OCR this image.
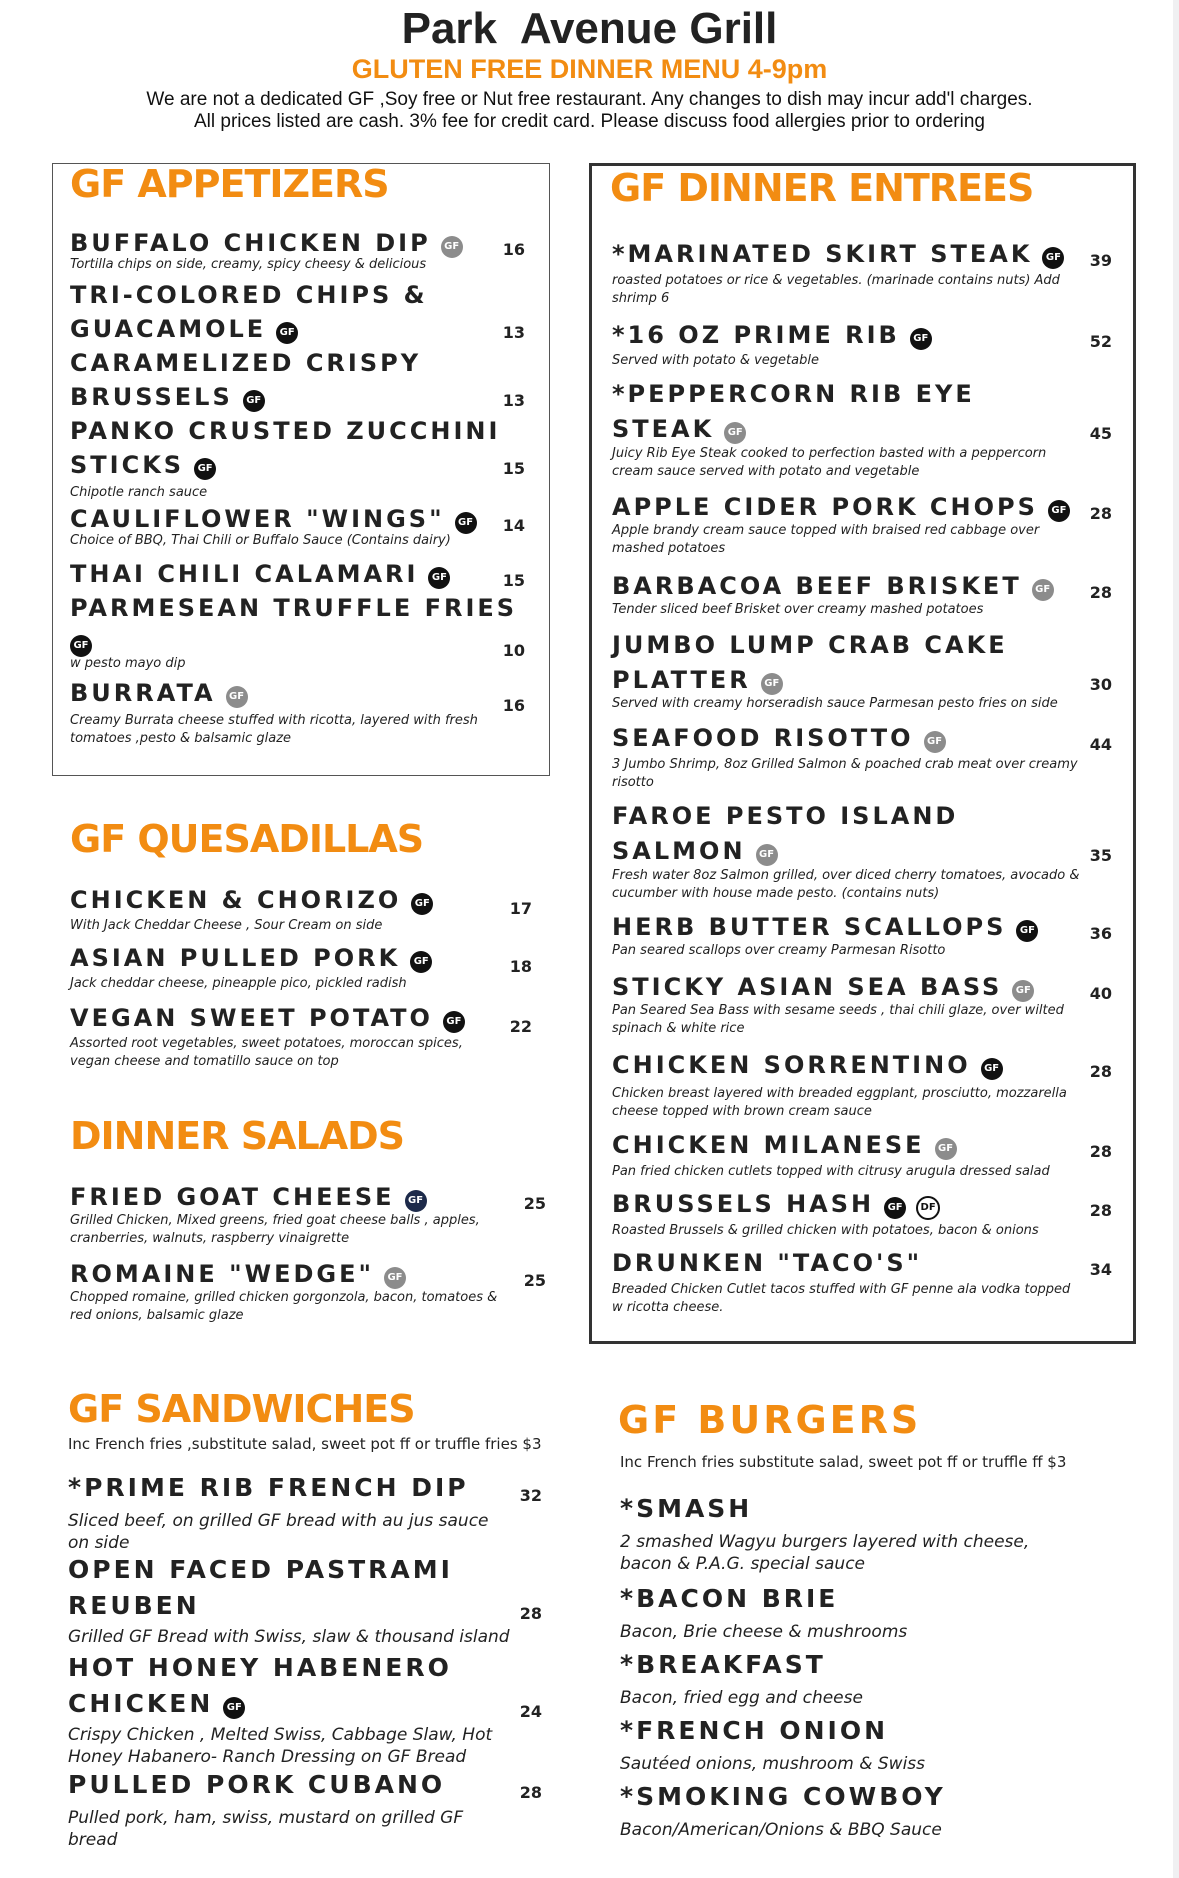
Park  Avenue Grill
GLUTEN FREE DINNER MENU 4-9pm
We are not a dedicated GF ,Soy free or Nut free restaurant. Any changes to dish may incur add'l charges.
All prices listed are cash. 3% fee for credit card. Please discuss food allergies prior to ordering
GF APPETIZERS	GF DINNER ENTREES
GF QUESADILLAS
DINNER SALADS
GF SANDWICHES	GF BURGERS
Inc French fries ,substitute salad, sweet pot ff or truffle fries $3
Inc French fries substitute salad, sweet pot ff or truffle ff $3
BUFFALO CHICKEN DIP GF	16
Tortilla chips on side, creamy, spicy cheesy & delicious
TRI-COLORED CHIPS &
GUACAMOLE GF	13
CARAMELIZED CRISPY
BRUSSELS GF	13
PANKO CRUSTED ZUCCHINI
STICKS GF	15
Chipotle ranch sauce
CAULIFLOWER "WINGS" GF 14
Choice of BBQ, Thai Chili or Buffalo Sauce (Contains dairy)
THAI CHILI CALAMARI GF	15
PARMESEAN TRUFFLE FRIES
GF	10
w pesto mayo dip
BURRATA GF	16
Creamy Burrata cheese stuffed with ricotta, layered with fresh tomatoes ,pesto & balsamic glaze
CHICKEN & CHORIZO GF	17
With Jack Cheddar Cheese , Sour Cream on side
ASIAN PULLED PORK GF	18
Jack cheddar cheese, pineapple pico, pickled radish
VEGAN SWEET POTATO GF	22
Assorted root vegetables, sweet potatoes, moroccan spices, vegan cheese and tomatillo sauce on top
FRIED GOAT CHEESE GF	25
Grilled Chicken, Mixed greens, fried goat cheese balls , apples, cranberries, walnuts, raspberry vinaigrette
ROMAINE "WEDGE" GF	25
Chopped romaine, grilled chicken gorgonzola, bacon, tomatoes & red onions, balsamic glaze
*MARINATED SKIRT STEAK GF 39
roasted potatoes or rice & vegetables. (marinade contains nuts) Add shrimp 6
*16 OZ PRIME RIB GF	52
Served with potato & vegetable
*PEPPERCORN RIB EYE
STEAK GF	45
Juicy Rib Eye Steak cooked to perfection basted with a peppercorn cream sauce served with potato and vegetable
APPLE CIDER PORK CHOPS GF 28
Apple brandy cream sauce topped with braised red cabbage over mashed potatoes
BARBACOA BEEF BRISKET GF 28
Tender sliced beef Brisket over creamy mashed potatoes
JUMBO LUMP CRAB CAKE
PLATTER GF	30
Served with creamy horseradish sauce Parmesan pesto fries on side
SEAFOOD RISOTTO GF	44
3 Jumbo Shrimp, 8oz Grilled Salmon & poached crab meat over creamy risotto
FAROE PESTO ISLAND
SALMON GF	35
Fresh water 8oz Salmon grilled, over diced cherry tomatoes, avocado & cucumber with house made pesto. (contains nuts)
HERB BUTTER SCALLOPS GF	36
Pan seared scallops over creamy Parmesan Risotto
STICKY ASIAN SEA BASS GF	40
Pan Seared Sea Bass with sesame seeds , thai chili glaze, over wilted spinach & white rice
CHICKEN SORRENTINO GF	28
Chicken breast layered with breaded eggplant, prosciutto, mozzarella cheese topped with brown cream sauce
CHICKEN MILANESE GF	28
Pan fried chicken cutlets topped with citrusy arugula dressed salad
BRUSSELS HASH GF DF	28
Roasted Brussels & grilled chicken with potatoes, bacon & onions
DRUNKEN "TACO'S"	34
Breaded Chicken Cutlet tacos stuffed with GF penne ala vodka topped w ricotta cheese.
*PRIME RIB FRENCH DIP	32
Sliced beef, on grilled GF bread with au jus sauce on side
OPEN FACED PASTRAMI
REUBEN	28
Grilled GF Bread with Swiss, slaw & thousand island
HOT HONEY HABENERO
CHICKEN GF	24
Crispy Chicken , Melted Swiss, Cabbage Slaw, Hot Honey Habanero- Ranch Dressing on GF Bread
PULLED PORK CUBANO	28
Pulled pork, ham, swiss, mustard on grilled GF bread
*SMASH
2 smashed Wagyu burgers layered with cheese, bacon & P.A.G. special sauce
*BACON BRIE
Bacon, Brie cheese & mushrooms
*BREAKFAST
Bacon, fried egg and cheese
*FRENCH ONION
Sautéed onions, mushroom & Swiss
*SMOKING COWBOY
Bacon/American/Onions & BBQ Sauce
